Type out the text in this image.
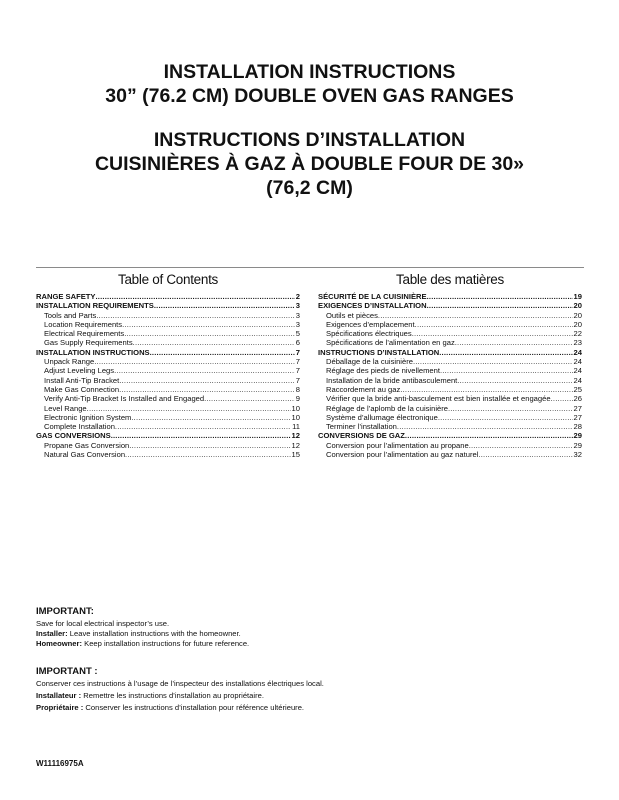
INSTALLATION INSTRUCTIONS
30” (76.2 CM) DOUBLE OVEN GAS RANGES
INSTRUCTIONS D’INSTALLATION
CUISINIÈRES À GAZ À DOUBLE FOUR DE 30»
(76,2 CM)
Table of Contents
RANGE SAFETY .....	2
INSTALLATION REQUIREMENTS .....	3
Tools and Parts .....	3
Location Requirements .....	3
Electrical Requirements .....	5
Gas Supply Requirements .....	6
INSTALLATION INSTRUCTIONS .....	7
Unpack Range .....	7
Adjust Leveling Legs .....	7
Install Anti-Tip Bracket .....	7
Make Gas Connection .....	8
Verify Anti-Tip Bracket Is Installed and Engaged .....	9
Level Range .....	10
Electronic Ignition System .....	10
Complete Installation .....	11
GAS CONVERSIONS .....	12
Propane Gas Conversion .....	12
Natural Gas Conversion .....	15
Table des matières
SÉCURITÉ DE LA CUISINIÈRE .....	19
EXIGENCES D’INSTALLATION .....	20
Outils et pièces .....	20
Exigences d’emplacement .....	20
Spécifications électriques .....	22
Spécifications de l’alimentation en gaz .....	23
INSTRUCTIONS D’INSTALLATION .....	24
Déballage de la cuisinière .....	24
Réglage des pieds de nivellement .....	24
Installation de la bride antibasculement .....	24
Raccordement au gaz .....	25
Vérifier que la bride anti-basculement est bien installée et engagée .....	26
Réglage de l’aplomb de la cuisinière .....	27
Système d’allumage électronique .....	27
Terminer l’installation .....	28
CONVERSIONS DE GAZ .....	29
Conversion pour l’alimentation au propane .....	29
Conversion pour l’alimentation au gaz naturel .....	32
IMPORTANT:

Save for local electrical inspector’s use.

Installer: Leave installation instructions with the homeowner.

Homeowner: Keep installation instructions for future reference.

IMPORTANT :

Conserver ces instructions à l’usage de l’inspecteur des installations électriques local.

Installateur : Remettre les instructions d’installation au propriétaire.

Propriétaire : Conserver les instructions d’installation pour référence ultérieure.

W11116975A
